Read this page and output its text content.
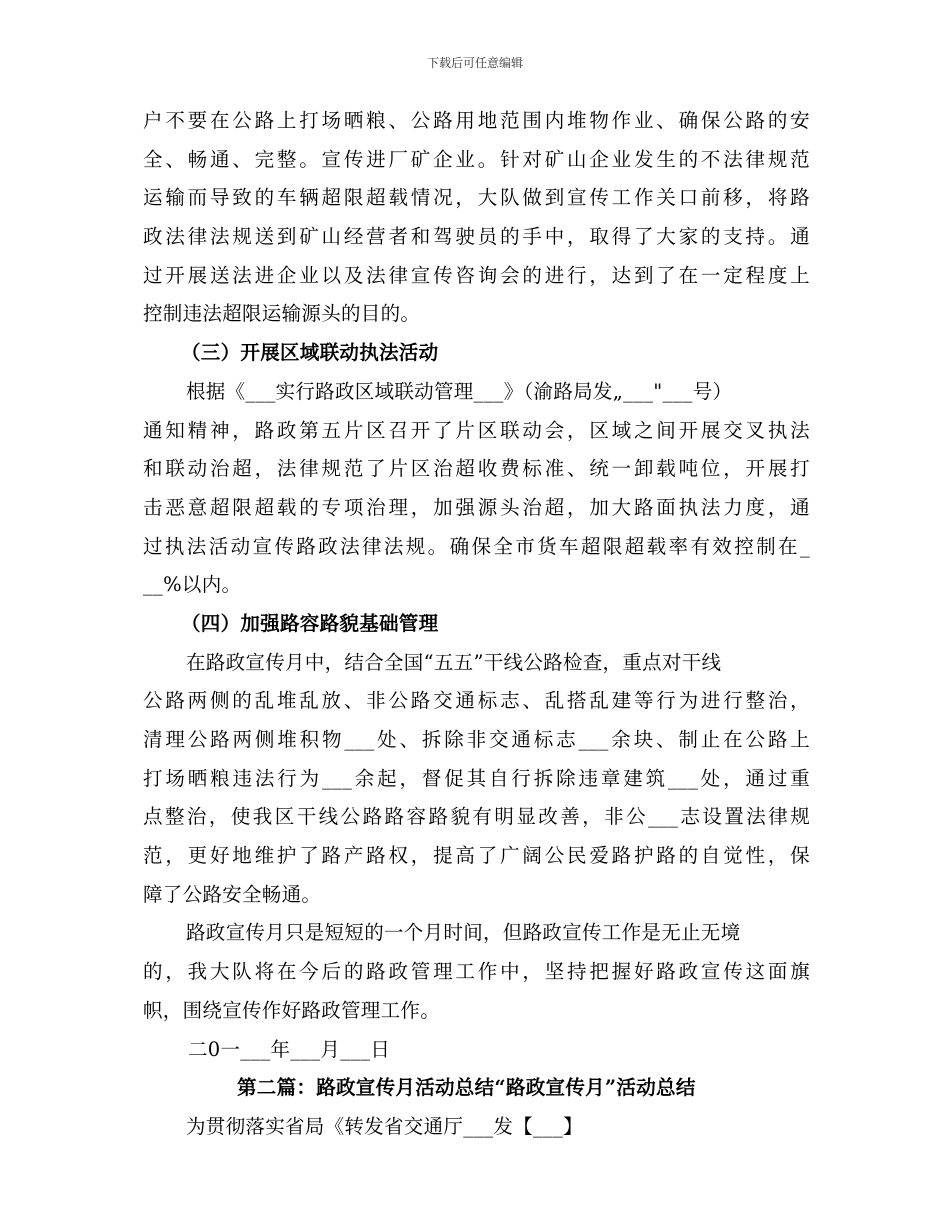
下载后可任意编辑
户不要在公路上打场晒粮、公路用地范围内堆物作业、确保公路的安
全、畅通、完整。宣传进厂矿企业。针对矿山企业发生的不法律规范
运输而导致的车辆超限超载情况，大队做到宣传工作关口前移，将路
政法律法规送到矿山经营者和驾驶员的手中，取得了大家的支持。通
过开展送法进企业以及法律宣传咨询会的进行，达到了在一定程度上
控制违法超限运输源头的目的。
（三）开展区域联动执法活动
根据《___实行路政区域联动管理___》（渝路局发„___"___号）
通知精神，路政第五片区召开了片区联动会，区域之间开展交叉执法
和联动治超，法律规范了片区治超收费标准、统一卸载吨位，开展打
击恶意超限超载的专项治理，加强源头治超，加大路面执法力度，通
过执法活动宣传路政法律法规。确保全市货车超限超载率有效控制在_
__%以内。
（四）加强路容路貌基础管理
在路政宣传月中，结合全国“五五”干线公路检查，重点对干线
公路两侧的乱堆乱放、非公路交通标志、乱搭乱建等行为进行整治，
清理公路两侧堆积物___处、拆除非交通标志___余块、制止在公路上
打场晒粮违法行为___余起，督促其自行拆除违章建筑___处，通过重
点整治，使我区干线公路路容路貌有明显改善，非公___志设置法律规
范，更好地维护了路产路权，提高了广阔公民爱路护路的自觉性，保
障了公路安全畅通。
路政宣传月只是短短的一个月时间，但路政宣传工作是无止无境
的，我大队将在今后的路政管理工作中，坚持把握好路政宣传这面旗
帜，围绕宣传作好路政管理工作。
二0一___年___月___日
第二篇：路政宣传月活动总结“路政宣传月”活动总结
为贯彻落实省局《转发省交通厅___发【___】
